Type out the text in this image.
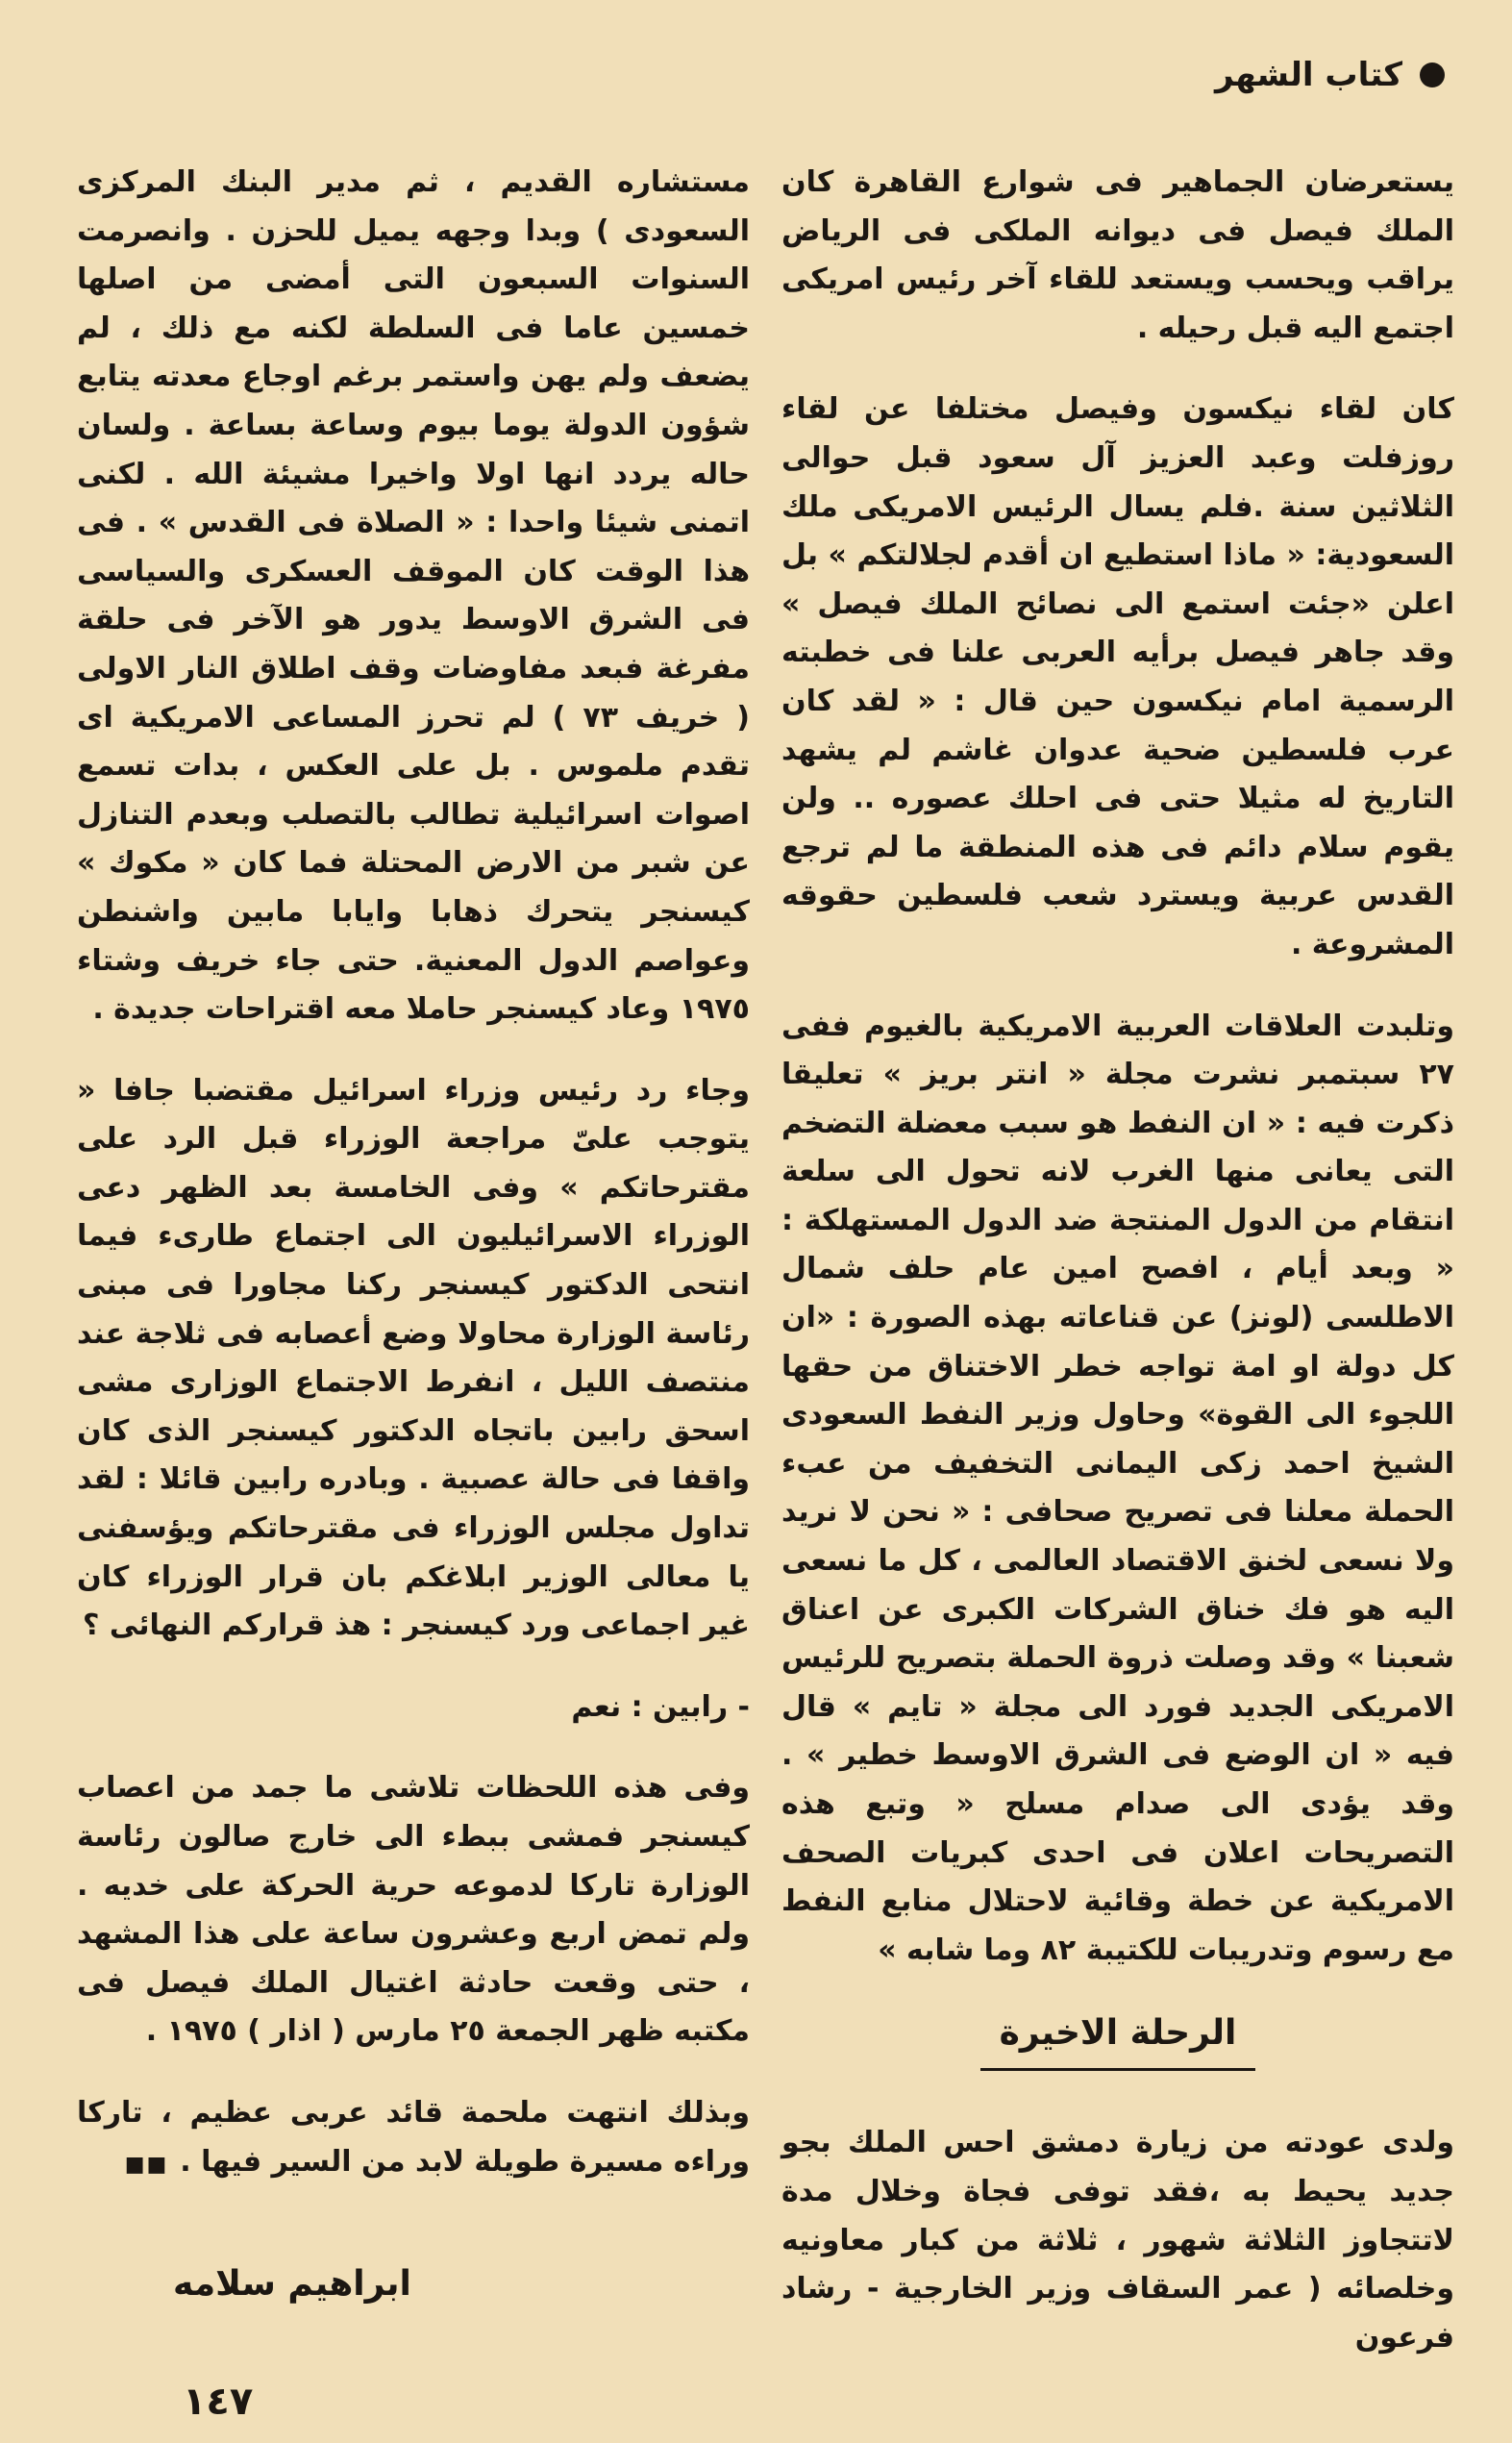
كتاب الشهر

يستعرضان الجماهير فى شوارع القاهرة كان الملك فيصل فى ديوانه الملكى فى الرياض يراقب ويحسب ويستعد للقاء آخر رئيس امريكى اجتمع اليه قبل رحيله .

كان لقاء نيكسون وفيصل مختلفا عن لقاء روزفلت وعبد العزيز آل سعود قبل حوالى الثلاثين سنة .فلم يسال الرئيس الامريكى ملك السعودية: « ماذا استطيع ان أقدم لجلالتكم » بل اعلن «جئت استمع الى نصائح الملك فيصل » وقد جاهر فيصل برأيه العربى علنا فى خطبته الرسمية امام نيكسون حين قال : « لقد كان عرب فلسطين ضحية عدوان غاشم لم يشهد التاريخ له مثيلا حتى فى احلك عصوره .. ولن يقوم سلام دائم فى هذه المنطقة ما لم ترجع القدس عربية ويسترد شعب فلسطين حقوقه المشروعة .

وتلبدت العلاقات العربية الامريكية بالغيوم ففى ٢٧ سبتمبر نشرت مجلة « انتر بريز » تعليقا ذكرت فيه : « ان النفط هو سبب معضلة التضخم التى يعانى منها الغرب لانه تحول الى سلعة انتقام من الدول المنتجة ضد الدول المستهلكة : « وبعد أيام ، افصح امين عام حلف شمال الاطلسى (لونز) عن قناعاته بهذه الصورة : «ان كل دولة او امة تواجه خطر الاختناق من حقها اللجوء الى القوة» وحاول وزير النفط السعودى الشيخ احمد زكى اليمانى التخفيف من عبء الحملة معلنا فى تصريح صحافى : « نحن لا نريد ولا نسعى لخنق الاقتصاد العالمى ، كل ما نسعى اليه هو فك خناق الشركات الكبرى عن اعناق شعبنا » وقد وصلت ذروة الحملة بتصريح للرئيس الامريكى الجديد فورد الى مجلة « تايم » قال فيه « ان الوضع فى الشرق الاوسط خطير » . وقد يؤدى الى صدام مسلح « وتبع هذه التصريحات اعلان فى احدى كبريات الصحف الامريكية عن خطة وقائية لاحتلال منابع النفط مع رسوم وتدريبات للكتيبة ٨٢ وما شابه »

الرحلة الاخيرة

ولدى عودته من زيارة دمشق احس الملك بجو جديد يحيط به ،فقد توفى فجاة وخلال مدة لاتتجاوز الثلاثة شهور ، ثلاثة من كبار معاونيه وخلصائه ( عمر السقاف وزير الخارجية - رشاد فرعون

مستشاره القديم ، ثم مدير البنك المركزى السعودى ) وبدا وجهه يميل للحزن . وانصرمت السنوات السبعون التى أمضى من اصلها خمسين عاما فى السلطة لكنه مع ذلك ، لم يضعف ولم يهن واستمر برغم اوجاع معدته يتابع شؤون الدولة يوما بيوم وساعة بساعة . ولسان حاله يردد انها اولا واخيرا مشيئة الله . لكنى اتمنى شيئا واحدا : « الصلاة فى القدس » . فى هذا الوقت كان الموقف العسكرى والسياسى فى الشرق الاوسط يدور هو الآخر فى حلقة مفرغة فبعد مفاوضات وقف اطلاق النار الاولى ( خريف ٧٣ ) لم تحرز المساعى الامريكية اى تقدم ملموس . بل على العكس ، بدات تسمع اصوات اسرائيلية تطالب بالتصلب وبعدم التنازل عن شبر من الارض المحتلة فما كان « مكوك » كيسنجر يتحرك ذهابا وايابا مابين واشنطن وعواصم الدول المعنية. حتى جاء خريف وشتاء ١٩٧٥ وعاد كيسنجر حاملا معه اقتراحات جديدة .

وجاء رد رئيس وزراء اسرائيل مقتضبا جافا « يتوجب علىّ مراجعة الوزراء قبل الرد على مقترحاتكم » وفى الخامسة بعد الظهر دعى الوزراء الاسرائيليون الى اجتماع طارىء فيما انتحى الدكتور كيسنجر ركنا مجاورا فى مبنى رئاسة الوزارة محاولا وضع أعصابه فى ثلاجة عند منتصف الليل ، انفرط الاجتماع الوزارى مشى اسحق رابين باتجاه الدكتور كيسنجر الذى كان واقفا فى حالة عصبية . وبادره رابين قائلا : لقد تداول مجلس الوزراء فى مقترحاتكم ويؤسفنى يا معالى الوزير ابلاغكم بان قرار الوزراء كان غير اجماعى ورد كيسنجر : هذ قراركم النهائى ؟

- رابين : نعم

وفى هذه اللحظات تلاشى ما جمد من اعصاب كيسنجر فمشى ببطء الى خارج صالون رئاسة الوزارة تاركا لدموعه حرية الحركة على خديه . ولم تمض اربع وعشرون ساعة على هذا المشهد ، حتى وقعت حادثة اغتيال الملك فيصل فى مكتبه ظهر الجمعة ٢٥ مارس ( اذار ) ١٩٧٥ .

وبذلك انتهت ملحمة قائد عربى عظيم ، تاركا وراءه مسيرة طويلة لابد من السير فيها .■■

ابراهيم سلامه
١٤٧
